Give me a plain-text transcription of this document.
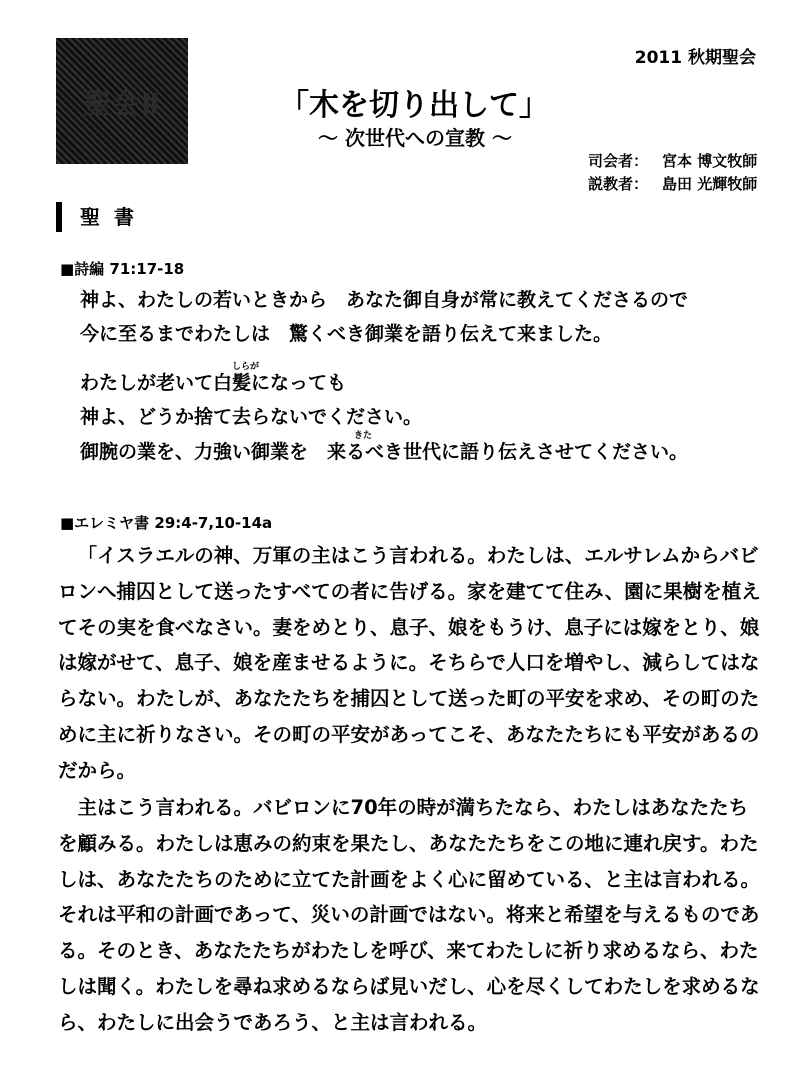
聖会Ⅱ
2011 秋期聖会
「木を切り出して」
～ 次世代への宣教 ～
司会者： 宮本 博文牧師
説教者： 島田 光輝牧師
聖書
■詩編 71:17-18
神よ、わたしの若いときから　あなた御自身が常に教えてくださるので
今に至るまでわたしは　驚くべき御業を語り伝えて来ました。
しらが
わたしが老いて白髪になっても
神よ、どうか捨て去らないでください。
きた
御腕の業を、力強い御業を　来るべき世代に語り伝えさせてください。
■エレミヤ書 29:4-7,10-14a

「イスラエルの神、万軍の主はこう言われる。わたしは、エルサレムからバビロンへ捕囚として送ったすべての者に告げる。家を建てて住み、園に果樹を植えてその実を食べなさい。妻をめとり、息子、娘をもうけ、息子には嫁をとり、娘は嫁がせて、息子、娘を産ませるように。そちらで人口を増やし、減らしてはならない。わたしが、あなたたちを捕囚として送った町の平安を求め、その町のために主に祈りなさい。その町の平安があってこそ、あなたたちにも平安があるのだから。

主はこう言われる。バビロンに70年の時が満ちたなら、わたしはあなたたちを顧みる。わたしは恵みの約束を果たし、あなたたちをこの地に連れ戻す。わたしは、あなたたちのために立てた計画をよく心に留めている、と主は言われる。それは平和の計画であって、災いの計画ではない。将来と希望を与えるものである。そのとき、あなたたちがわたしを呼び、来てわたしに祈り求めるなら、わたしは聞く。わたしを尋ね求めるならば見いだし、心を尽くしてわたしを求めるなら、わたしに出会うであろう、と主は言われる。
